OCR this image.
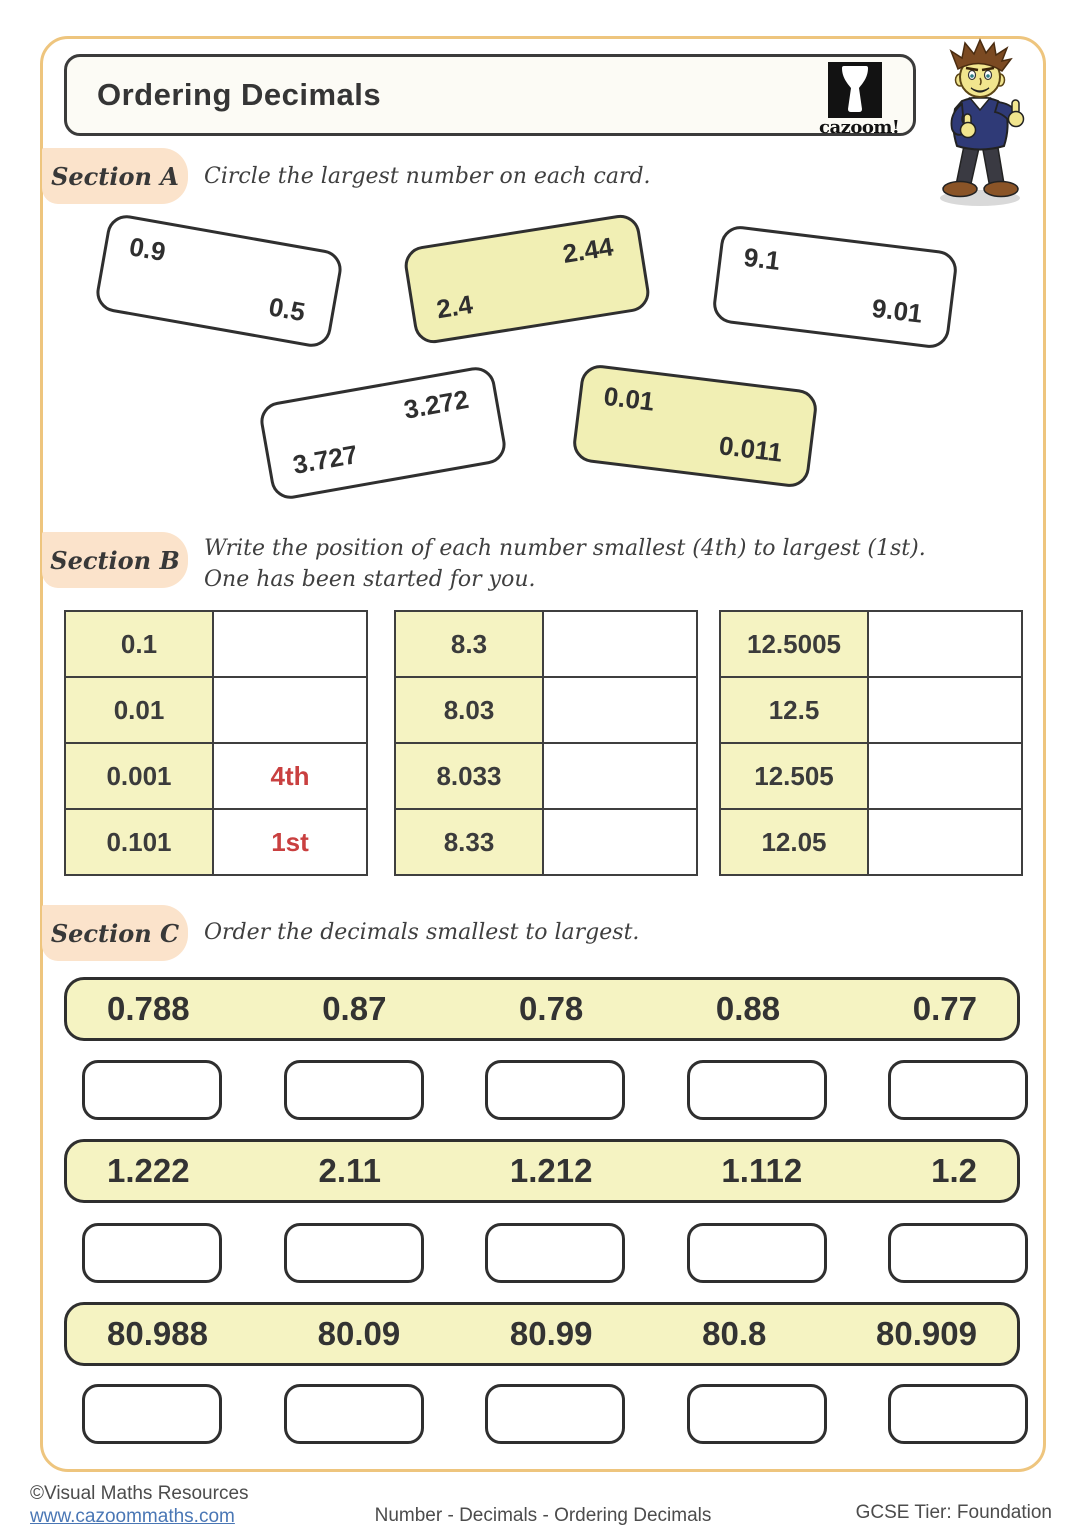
Ordering Decimals
cazoom!
Section A Circle the largest number on each card.
0.9
0.5	2.4
2.44	9.1
9.01
3.727
3.272	0.01
0.011
Section B Write the position of each number smallest (4th) to largest (1st).
One has been started for you.
0.1	
0.01	
0.001	4th
0.101	1st
8.3	
8.03	
8.033	
8.33	
12.5005	
12.5	
12.505	
12.05	
Section C Order the decimals smallest to largest.
0.788	0.87	0.78	0.88	0.77
1.222	2.11	1.212	1.112	1.2
80.988	80.09	80.99	80.8	80.909
©Visual Maths Resources
www.cazoommaths.com	Number - Decimals - Ordering Decimals	GCSE Tier: Foundation
